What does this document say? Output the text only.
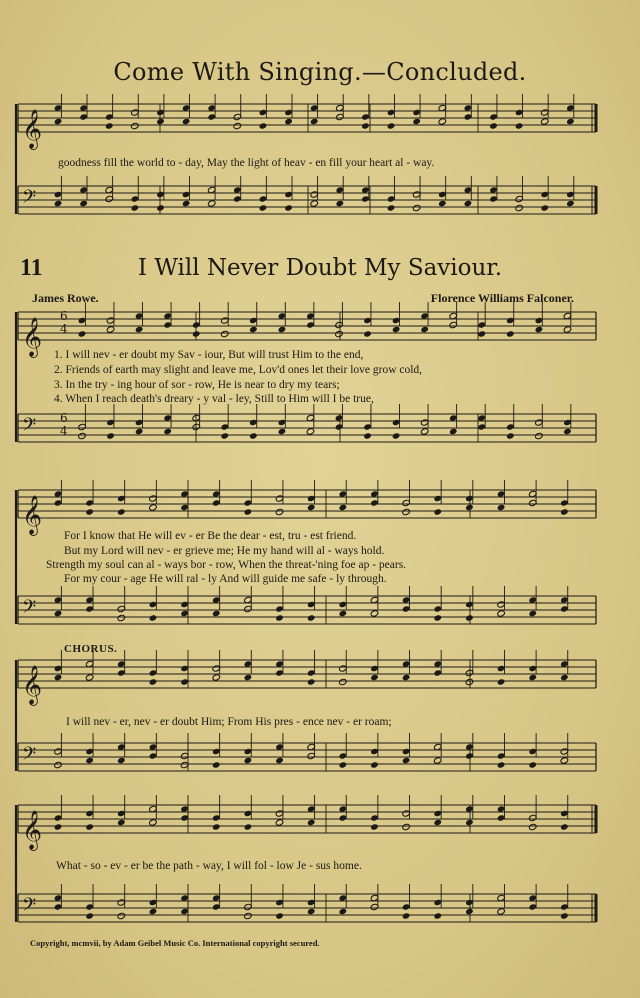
𝄞
𝄢
𝄞
𝄢
6
4
6
4
𝄞
𝄢
𝄞
𝄢
𝄞
𝄢
Come With Singing.—Concluded.
goodness fill the world to - day, May the light of heav - en fill your heart al - way.
11	I Will Never Doubt My Saviour.
James Rowe.	Florence Williams Falconer.
1. I will nev - er doubt my Sav - iour, But will trust Him to the end,
2. Friends of earth may slight and leave me, Lov'd ones let their love grow cold,
3. In the try - ing hour of sor - row, He is near to dry my tears;
4. When I reach death's dreary - y val - ley, Still to Him will I be true,
For I know that He will ev - er Be the dear - est, tru - est friend.
But my Lord will nev - er grieve me; He my hand will al - ways hold.
Strength my soul can al - ways bor - row, When the threat-'ning foe ap - pears.
For my cour - age He will ral - ly And will guide me safe - ly through.
CHORUS.
I will nev - er, nev - er doubt Him; From His pres - ence nev - er roam;
What - so - ev - er be the path - way, I will fol - low Je - sus home.
Copyright, mcmvii, by Adam Geibel Music Co. International copyright secured.
